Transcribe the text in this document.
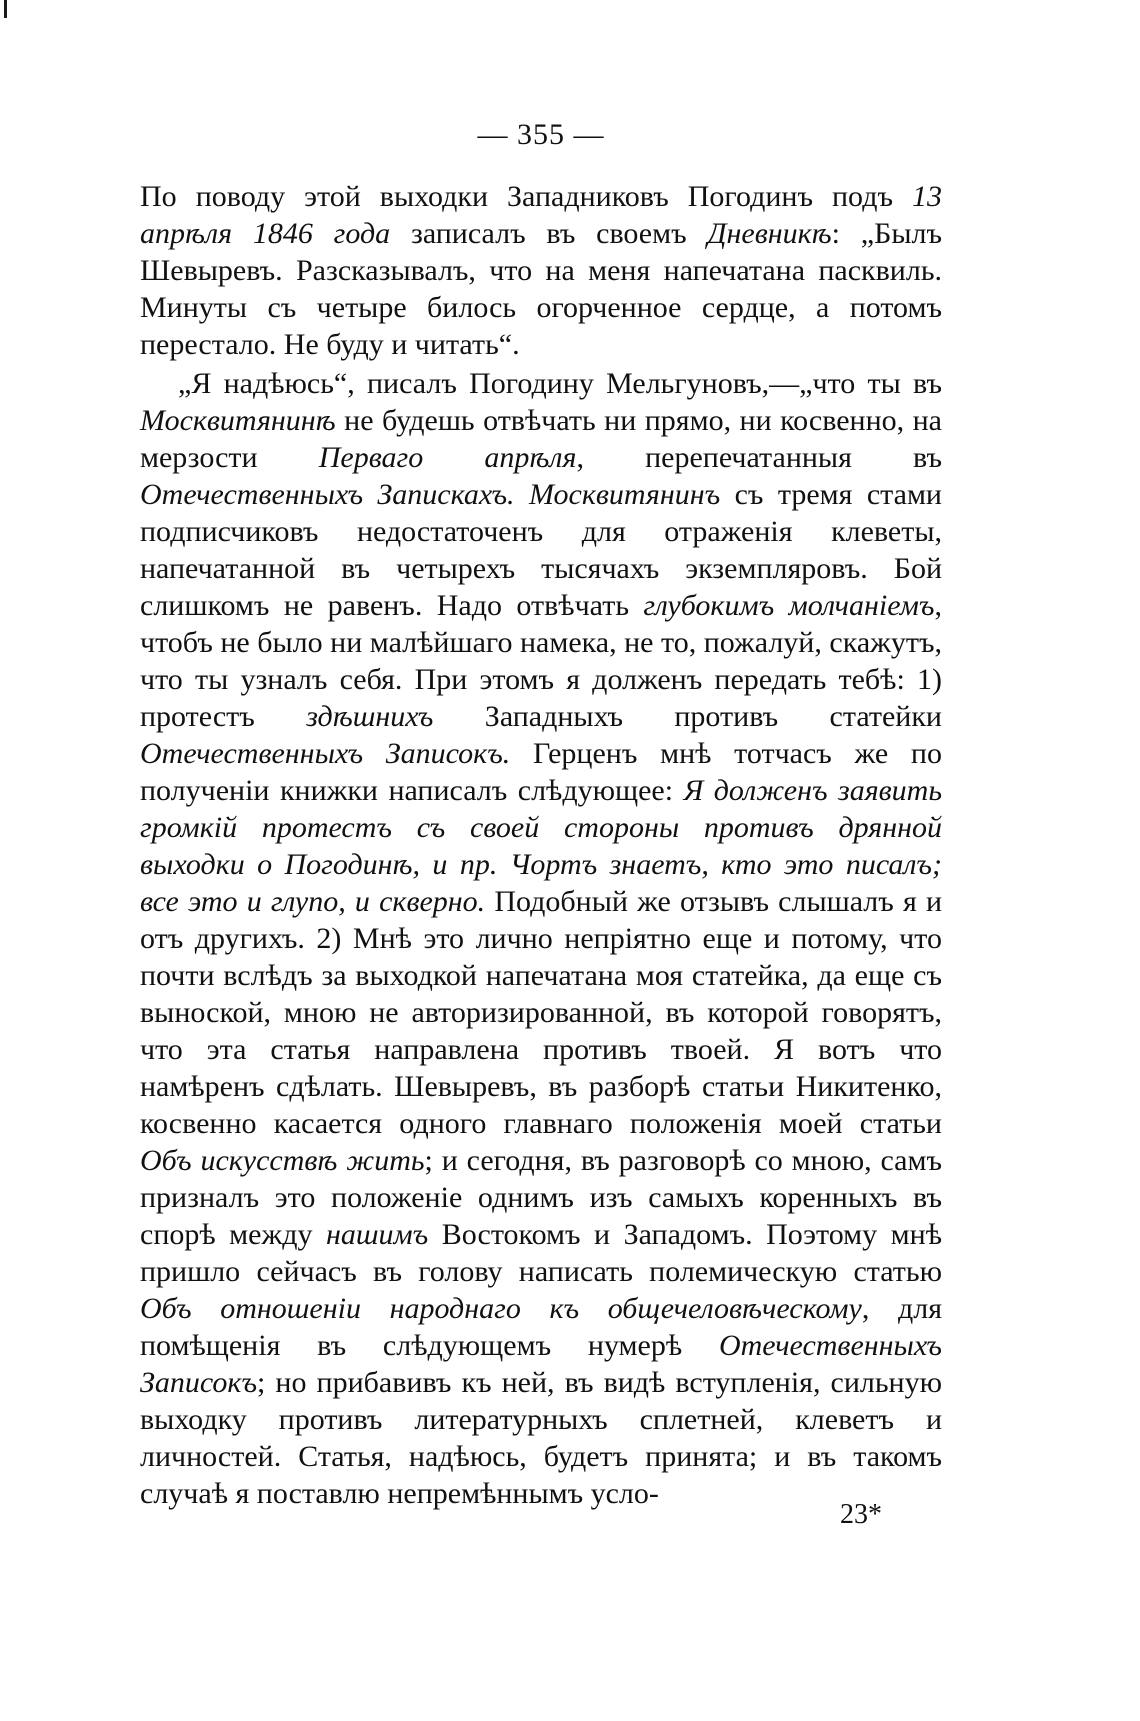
— 355 —

По поводу этой выходки Западниковъ Погодинъ подъ 13 апрѣля 1846 года записалъ въ своемъ Дневникѣ: „Былъ Шевыревъ. Разсказывалъ, что на меня напечатана пасквиль. Минуты съ четыре билось огорченное сердце, а потомъ перестало. Не буду и читать“.

„Я надѣюсь“, писалъ Погодину Мельгуновъ,—„что ты въ Москвитянинѣ не будешь отвѣчать ни прямо, ни косвенно, на мерзости Перваго апрѣля, перепечатанныя въ Отечественныхъ Запискахъ. Москвитянинъ съ тремя стами подписчиковъ недостаточенъ для отраженія клеветы, напечатанной въ четырехъ тысячахъ экземпляровъ. Бой слишкомъ не равенъ. Надо отвѣчать глубокимъ молчаніемъ, чтобъ не было ни малѣйшаго намека, не то, пожалуй, скажутъ, что ты узналъ себя. При этомъ я долженъ передать тебѣ: 1) протестъ здѣшнихъ Западныхъ противъ статейки Отечественныхъ Записокъ. Герценъ мнѣ тотчасъ же по полученіи книжки написалъ слѣдующее: Я долженъ заявить громкій протестъ съ своей стороны противъ дрянной выходки о Погодинѣ, и пр. Чортъ знаетъ, кто это писалъ; все это и глупо, и скверно. Подобный же отзывъ слышалъ я и отъ другихъ. 2) Мнѣ это лично непріятно еще и потому, что почти вслѣдъ за выходкой напечатана моя статейка, да еще съ выноской, мною не авторизированной, въ которой говорятъ, что эта статья направлена противъ твоей. Я вотъ что намѣренъ сдѣлать. Шевыревъ, въ разборѣ статьи Никитенко, косвенно касается одного главнаго положенія моей статьи Объ искусствѣ жить; и сегодня, въ разговорѣ со мною, самъ призналъ это положеніе однимъ изъ самыхъ коренныхъ въ спорѣ между нашимъ Востокомъ и Западомъ. Поэтому мнѣ пришло сейчасъ въ голову написать полемическую статью Объ отношеніи народнаго къ общечеловѣческому, для помѣщенія въ слѣдующемъ нумерѣ Отечественныхъ Записокъ; но прибавивъ къ ней, въ видѣ вступленія, сильную выходку противъ литературныхъ сплетней, клеветъ и личностей. Статья, надѣюсь, будетъ принята; и въ такомъ случаѣ я поставлю непремѣннымъ усло-

23*
